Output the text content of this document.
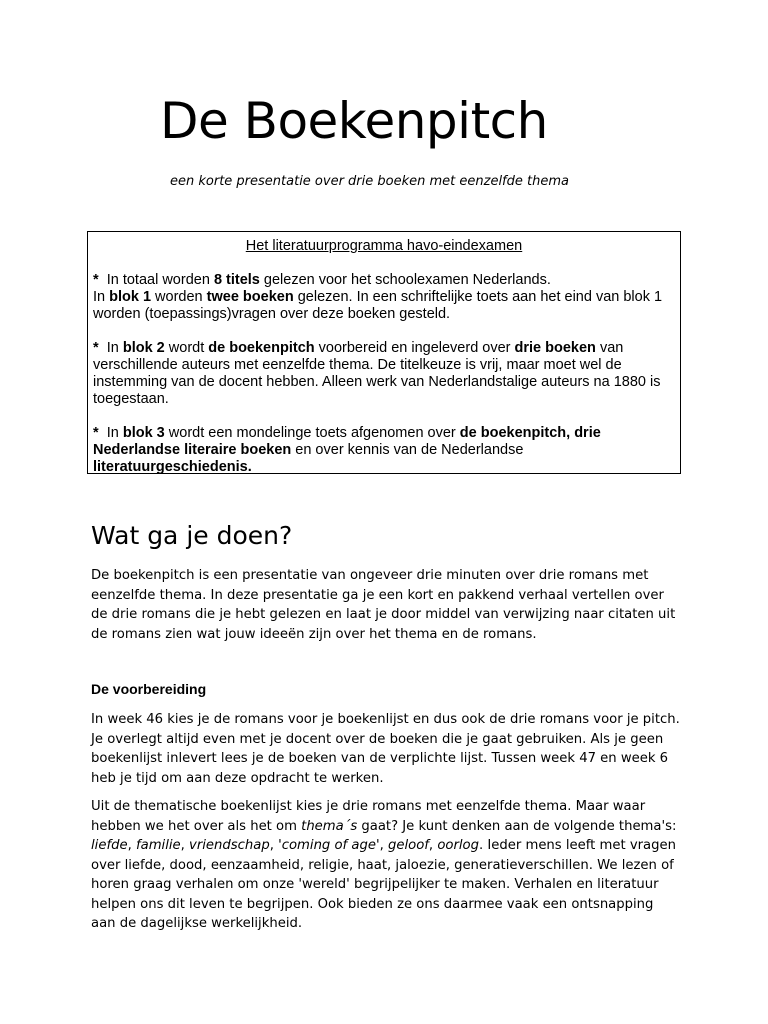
De Boekenpitch
een korte presentatie over drie boeken met eenzelfde thema
Het literatuurprogramma havo-eindexamen

* In totaal worden 8 titels gelezen voor het schoolexamen Nederlands.
In blok 1 worden twee boeken gelezen. In een schriftelijke toets aan het eind van blok 1 worden (toepassings)vragen over deze boeken gesteld.

* In blok 2 wordt de boekenpitch voorbereid en ingeleverd over drie boeken van verschillende auteurs met eenzelfde thema. De titelkeuze is vrij, maar moet wel de instemming van de docent hebben. Alleen werk van Nederlandstalige auteurs na 1880 is toegestaan.

* In blok 3 wordt een mondelinge toets afgenomen over de boekenpitch, drie Nederlandse literaire boeken en over kennis van de Nederlandse literatuurgeschiedenis.

Wat ga je doen?

De boekenpitch is een presentatie van ongeveer drie minuten over drie romans met eenzelfde thema. In deze presentatie ga je een kort en pakkend verhaal vertellen over de drie romans die je hebt gelezen en laat je door middel van verwijzing naar citaten uit de romans zien wat jouw ideeën zijn over het thema en de romans.

De voorbereiding

In week 46 kies je de romans voor je boekenlijst en dus ook de drie romans voor je pitch. Je overlegt altijd even met je docent over de boeken die je gaat gebruiken. Als je geen boekenlijst inlevert lees je de boeken van de verplichte lijst. Tussen week 47 en week 6 heb je tijd om aan deze opdracht te werken.

Uit de thematische boekenlijst kies je drie romans met eenzelfde thema. Maar waar hebben we het over als het om thema´s gaat? Je kunt denken aan de volgende thema's: liefde, familie, vriendschap, 'coming of age', geloof, oorlog. Ieder mens leeft met vragen over liefde, dood, eenzaamheid, religie, haat, jaloezie, generatieverschillen. We lezen of horen graag verhalen om onze 'wereld' begrijpelijker te maken. Verhalen en literatuur helpen ons dit leven te begrijpen. Ook bieden ze ons daarmee vaak een ontsnapping aan de dagelijkse werkelijkheid.
